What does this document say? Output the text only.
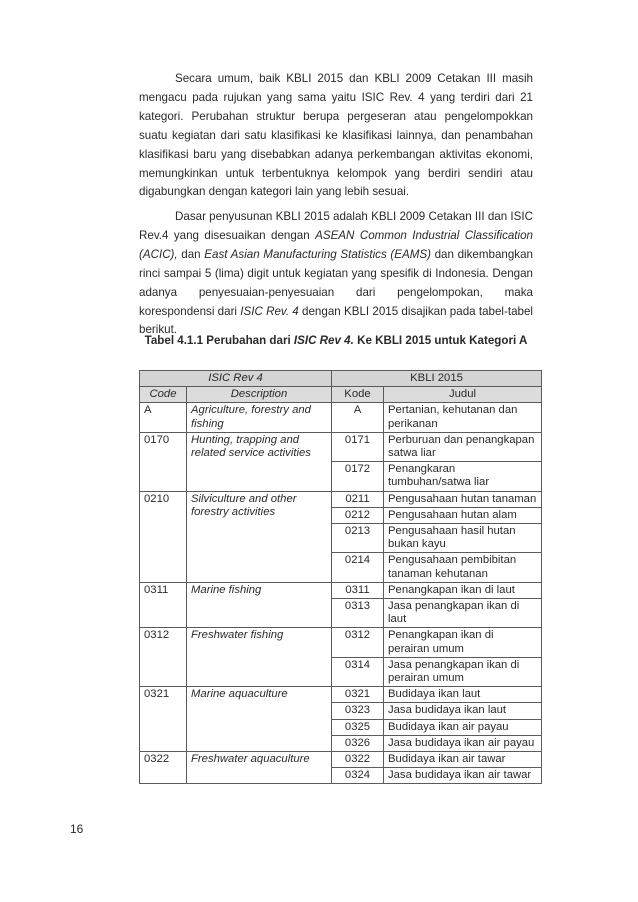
Secara umum, baik KBLI 2015 dan KBLI 2009 Cetakan III masih mengacu pada rujukan yang sama yaitu ISIC Rev. 4 yang terdiri dari 21 kategori. Perubahan struktur berupa pergeseran atau pengelompokkan suatu kegiatan dari satu klasifikasi ke klasifikasi lainnya, dan penambahan klasifikasi baru yang disebabkan adanya perkembangan aktivitas ekonomi, memungkinkan untuk terbentuknya kelompok yang berdiri sendiri atau digabungkan dengan kategori lain yang lebih sesuai.

Dasar penyusunan KBLI 2015 adalah KBLI 2009 Cetakan III dan ISIC Rev.4 yang disesuaikan dengan ASEAN Common Industrial Classification (ACIC), dan East Asian Manufacturing Statistics (EAMS) dan dikembangkan rinci sampai 5 (lima) digit untuk kegiatan yang spesifik di Indonesia. Dengan adanya penyesuaian-penyesuaian dari pengelompokan, maka korespondensi dari ISIC Rev. 4 dengan KBLI 2015 disajikan pada tabel-tabel berikut.

Tabel 4.1.1 Perubahan dari ISIC Rev 4. Ke KBLI 2015 untuk Kategori A

ISIC Rev 4		KBLI 2015	
Code	Description	Kode	Judul
A	Agriculture, forestry and fishing	A	Pertanian, kehutanan dan perikanan
0170	Hunting, trapping and related service activities	0171	Perburuan dan penangkapan satwa liar
		0172	Penangkaran tumbuhan/satwa liar
0210	Silviculture and other forestry activities	0211	Pengusahaan hutan tanaman
		0212	Pengusahaan hutan alam
		0213	Pengusahaan hasil hutan bukan kayu
		0214	Pengusahaan pembibitan tanaman kehutanan
0311	Marine fishing	0311	Penangkapan ikan di laut
		0313	Jasa penangkapan ikan di laut
0312	Freshwater fishing	0312	Penangkapan ikan di perairan umum
		0314	Jasa penangkapan ikan di perairan umum
0321	Marine aquaculture	0321	Budidaya ikan laut
		0323	Jasa budidaya ikan laut
		0325	Budidaya ikan air payau
		0326	Jasa budidaya ikan air payau
0322	Freshwater aquaculture	0322	Budidaya ikan air tawar
		0324	Jasa budidaya ikan air tawar
16
